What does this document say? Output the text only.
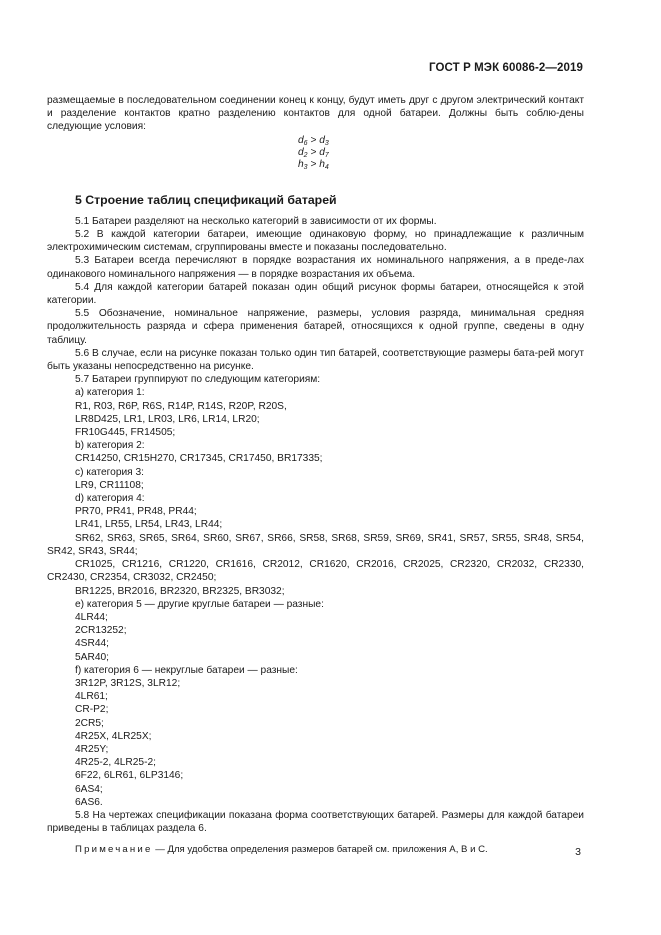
ГОСТ Р МЭК 60086-2—2019

размещаемые в последовательном соединении конец к концу, будут иметь друг с другом электрический контакт и разделение контактов кратно разделению контактов для одной батареи. Должны быть соблю-дены следующие условия:

$d_6 > d_3$
$d_2 > d_7$
$h_3 > h_4$
5 Строение таблиц спецификаций батарей

5.1 Батареи разделяют на несколько категорий в зависимости от их формы.

5.2 В каждой категории батареи, имеющие одинаковую форму, но принадлежащие к различным электрохимическим системам, сгруппированы вместе и показаны последовательно.

5.3 Батареи всегда перечисляют в порядке возрастания их номинального напряжения, а в преде-лах одинакового номинального напряжения — в порядке возрастания их объема.

5.4 Для каждой категории батарей показан один общий рисунок формы батареи, относящейся к этой категории.

5.5 Обозначение, номинальное напряжение, размеры, условия разряда, минимальная средняя продолжительность разряда и сфера применения батарей, относящихся к одной группе, сведены в одну таблицу.

5.6 В случае, если на рисунке показан только один тип батарей, соответствующие размеры бата-рей могут быть указаны непосредственно на рисунке.

5.7 Батареи группируют по следующим категориям:

a) категория 1:

R1, R03, R6P, R6S, R14P, R14S, R20P, R20S,

LR8D425, LR1, LR03, LR6, LR14, LR20;

FR10G445, FR14505;

b) категория 2:

CR14250, CR15H270, CR17345, CR17450, BR17335;

c) категория 3:

LR9, CR11108;

d) категория 4:

PR70, PR41, PR48, PR44;

LR41, LR55, LR54, LR43, LR44;

SR62, SR63, SR65, SR64, SR60, SR67, SR66, SR58, SR68, SR59, SR69, SR41, SR57, SR55, SR48, SR54, SR42, SR43, SR44;

CR1025, CR1216, CR1220, CR1616, CR2012, CR1620, CR2016, CR2025, CR2320, CR2032, CR2330, CR2430, CR2354, CR3032, CR2450;

BR1225, BR2016, BR2320, BR2325, BR3032;

e) категория 5 — другие круглые батареи — разные:

4LR44;

2CR13252;

4SR44;

5AR40;

f) категория 6 — некруглые батареи — разные:

3R12P, 3R12S, 3LR12;

4LR61;

CR-P2;

2CR5;

4R25X, 4LR25X;

4R25Y;

4R25-2, 4LR25-2;

6F22, 6LR61, 6LP3146;

6AS4;

6AS6.

5.8 На чертежах спецификации показана форма соответствующих батарей. Размеры для каждой батареи приведены в таблицах раздела 6.

Примечание — Для удобства определения размеров батарей см. приложения А, В и С.	3
